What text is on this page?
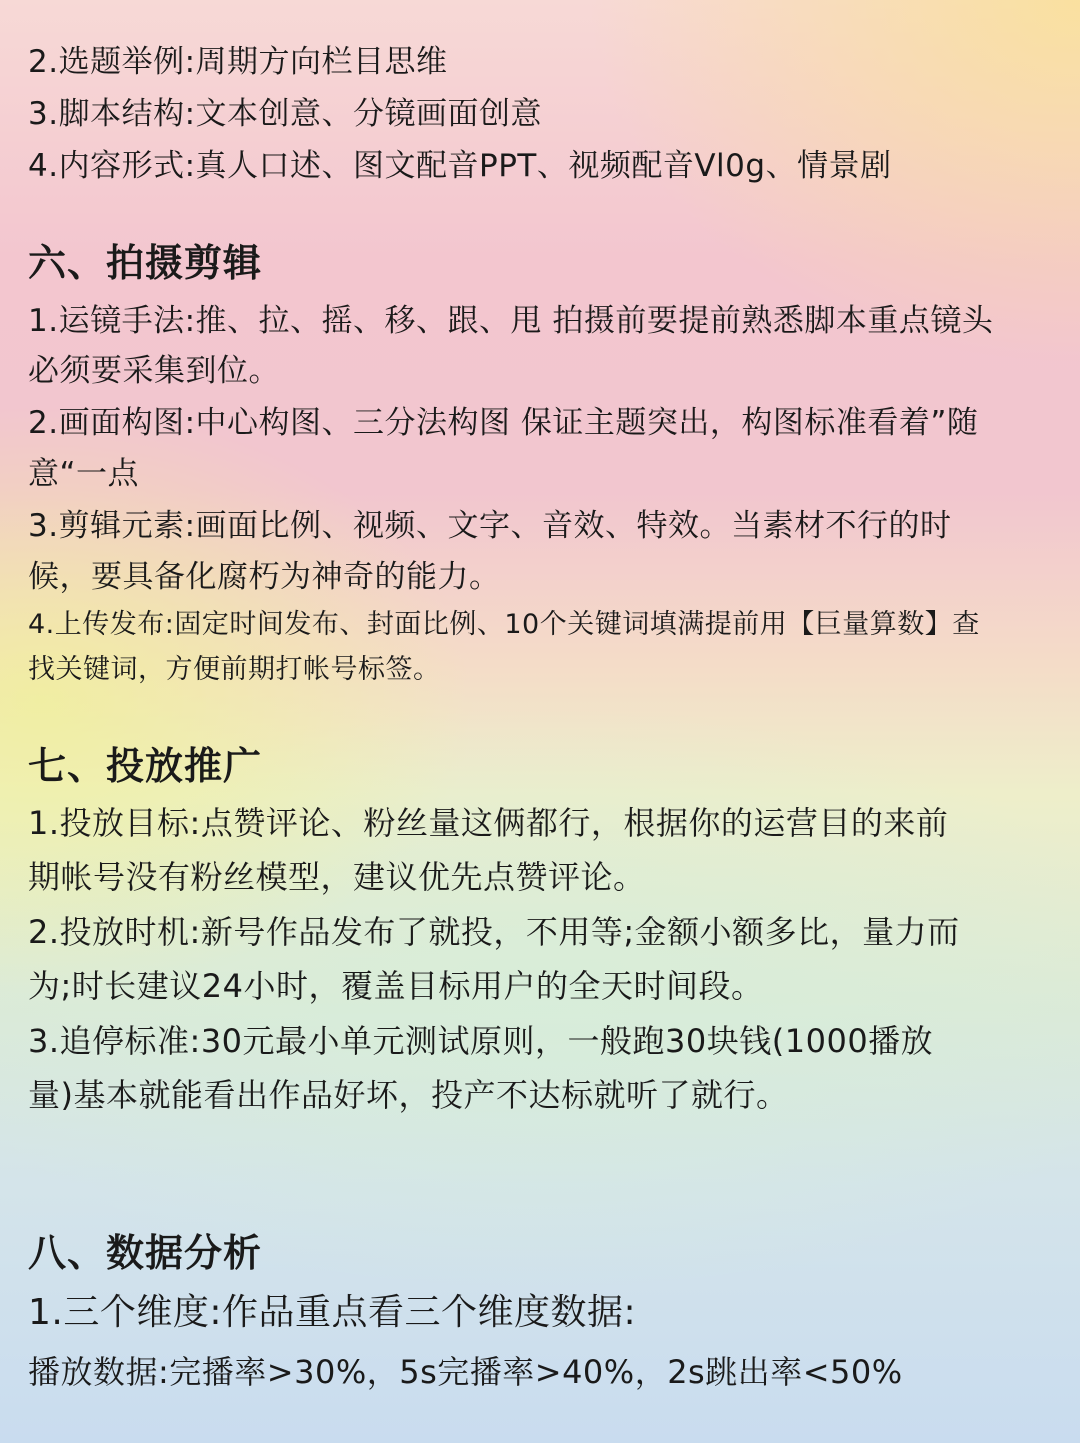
2.选题举例:周期方向栏目思维
3.脚本结构:文本创意、分镜画面创意
4.内容形式:真人口述、图文配音PPT、视频配音Vl0g、情景剧
六、拍摄剪辑
1.运镜手法:推、拉、摇、移、跟、甩 拍摄前要提前熟悉脚本重点镜头
必须要采集到位。
2.画面构图:中心构图、三分法构图 保证主题突出，构图标准看着”随
意“一点
3.剪辑元素:画面比例、视频、文字、音效、特效。当素材不行的时
候，要具备化腐朽为神奇的能力。
4.上传发布:固定时间发布、封面比例、10个关键词填满提前用【巨量算数】查
找关键词，方便前期打帐号标签。
七、投放推广
1.投放目标:点赞评论、粉丝量这俩都行，根据你的运营目的来前
期帐号没有粉丝模型，建议优先点赞评论。
2.投放时机:新号作品发布了就投，不用等;金额小额多比，量力而
为;时长建议24小时，覆盖目标用户的全天时间段。
3.追停标准:30元最小单元测试原则，一般跑30块钱(1000播放
量)基本就能看出作品好坏，投产不达标就听了就行。
八、数据分析
1.三个维度:作品重点看三个维度数据:
播放数据:完播率>30%，5s完播率>40%，2s跳出率<50%
